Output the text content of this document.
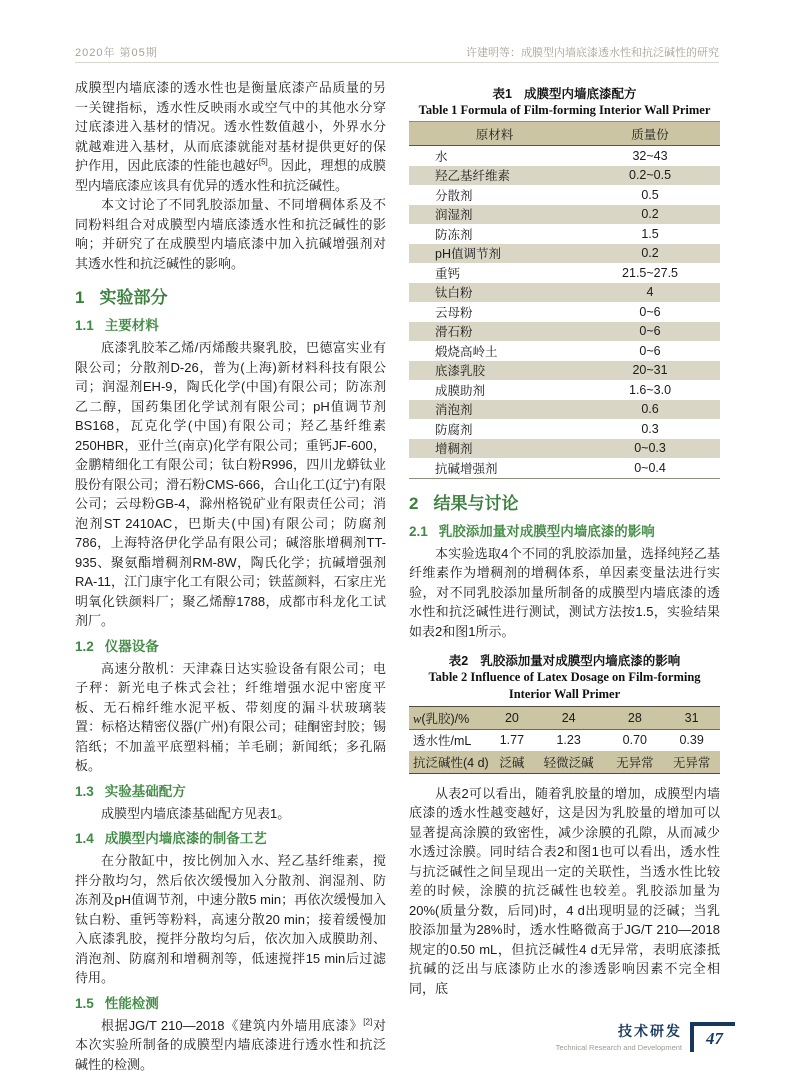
2020年 第05期	许建明等：成膜型内墙底漆透水性和抗泛碱性的研究

成膜型内墙底漆的透水性也是衡量底漆产品质量的另一关键指标，透水性反映雨水或空气中的其他水分穿过底漆进入基材的情况。透水性数值越小，外界水分就越难进入基材，从而底漆就能对基材提供更好的保护作用，因此底漆的性能也越好[5]。因此，理想的成膜型内墙底漆应该具有优异的透水性和抗泛碱性。

本文讨论了不同乳胶添加量、不同增稠体系及不同粉料组合对成膜型内墙底漆透水性和抗泛碱性的影响；并研究了在成膜型内墙底漆中加入抗碱增强剂对其透水性和抗泛碱性的影响。

1 实验部分
1.1 主要材料

底漆乳胶苯乙烯/丙烯酸共聚乳胶，巴德富实业有限公司；分散剂D-26，普为(上海)新材料科技有限公司；润湿剂EH-9，陶氏化学(中国)有限公司；防冻剂乙二醇，国药集团化学试剂有限公司；pH值调节剂BS168，瓦克化学(中国)有限公司；羟乙基纤维素250HBR，亚什兰(南京)化学有限公司；重钙JF-600，金鹏精细化工有限公司；钛白粉R996，四川龙蟒钛业股份有限公司；滑石粉CMS-666，合山化工(辽宁)有限公司；云母粉GB-4，滁州格锐矿业有限责任公司；消泡剂ST 2410AC，巴斯夫(中国)有限公司；防腐剂786，上海特洛伊化学品有限公司；碱溶胀增稠剂TT-935、聚氨酯增稠剂RM-8W，陶氏化学；抗碱增强剂RA-11，江门康宇化工有限公司；铁蓝颜料，石家庄光明氧化铁颜料厂；聚乙烯醇1788，成都市科龙化工试剂厂。

1.2 仪器设备

高速分散机：天津森日达实验设备有限公司；电子秤：新光电子株式会社；纤维增强水泥中密度平板、无石棉纤维水泥平板、带刻度的漏斗状玻璃装置：标格达精密仪器(广州)有限公司；硅酮密封胶；锡箔纸；不加盖平底塑料桶；羊毛刷；新闻纸；多孔隔板。

1.3 实验基础配方

成膜型内墙底漆基础配方见表1。

1.4 成膜型内墙底漆的制备工艺

在分散缸中，按比例加入水、羟乙基纤维素，搅拌分散均匀，然后依次缓慢加入分散剂、润湿剂、防冻剂及pH值调节剂，中速分散5 min；再依次缓慢加入钛白粉、重钙等粉料，高速分散20 min；接着缓慢加入底漆乳胶，搅拌分散均匀后，依次加入成膜助剂、消泡剂、防腐剂和增稠剂等，低速搅拌15 min后过滤待用。

1.5 性能检测

根据JG/T 210—2018《建筑内外墙用底漆》[2]对本次实验所制备的成膜型内墙底漆进行透水性和抗泛碱性的检测。

表1 成膜型内墙底漆配方
Table 1 Formula of Film-forming Interior Wall Primer
原材料	质量份
水	32~43
羟乙基纤维素	0.2~0.5
分散剂	0.5
润湿剂	0.2
防冻剂	1.5
pH值调节剂	0.2
重钙	21.5~27.5
钛白粉	4
云母粉	0~6
滑石粉	0~6
煅烧高岭土	0~6
底漆乳胶	20~31
成膜助剂	1.6~3.0
消泡剂	0.6
防腐剂	0.3
增稠剂	0~0.3
抗碱增强剂	0~0.4
2 结果与讨论
2.1 乳胶添加量对成膜型内墙底漆的影响

本实验选取4个不同的乳胶添加量，选择纯羟乙基纤维素作为增稠剂的增稠体系，单因素变量法进行实验，对不同乳胶添加量所制备的成膜型内墙底漆的透水性和抗泛碱性进行测试，测试方法按1.5，实验结果如表2和图1所示。

表2 乳胶添加量对成膜型内墙底漆的影响
Table 2 Influence of Latex Dosage on Film-forming
Interior Wall Primer
w(乳胶)/%	20	24	28	31
透水性/mL	1.77	1.23	0.70	0.39
抗泛碱性(4 d)	泛碱	轻微泛碱	无异常	无异常

从表2可以看出，随着乳胶量的增加，成膜型内墙底漆的透水性越变越好，这是因为乳胶量的增加可以显著提高涂膜的致密性，减少涂膜的孔隙，从而减少水透过涂膜。同时结合表2和图1也可以看出，透水性与抗泛碱性之间呈现出一定的关联性，当透水性比较差的时候，涂膜的抗泛碱性也较差。乳胶添加量为20%(质量分数，后同)时，4 d出现明显的泛碱；当乳胶添加量为28%时，透水性略微高于JG/T 210—2018规定的0.50 mL，但抗泛碱性4 d无异常，表明底漆抵抗碱的泛出与底漆防止水的渗透影响因素不完全相同，底

技术研发
Technical Research and Development 47
